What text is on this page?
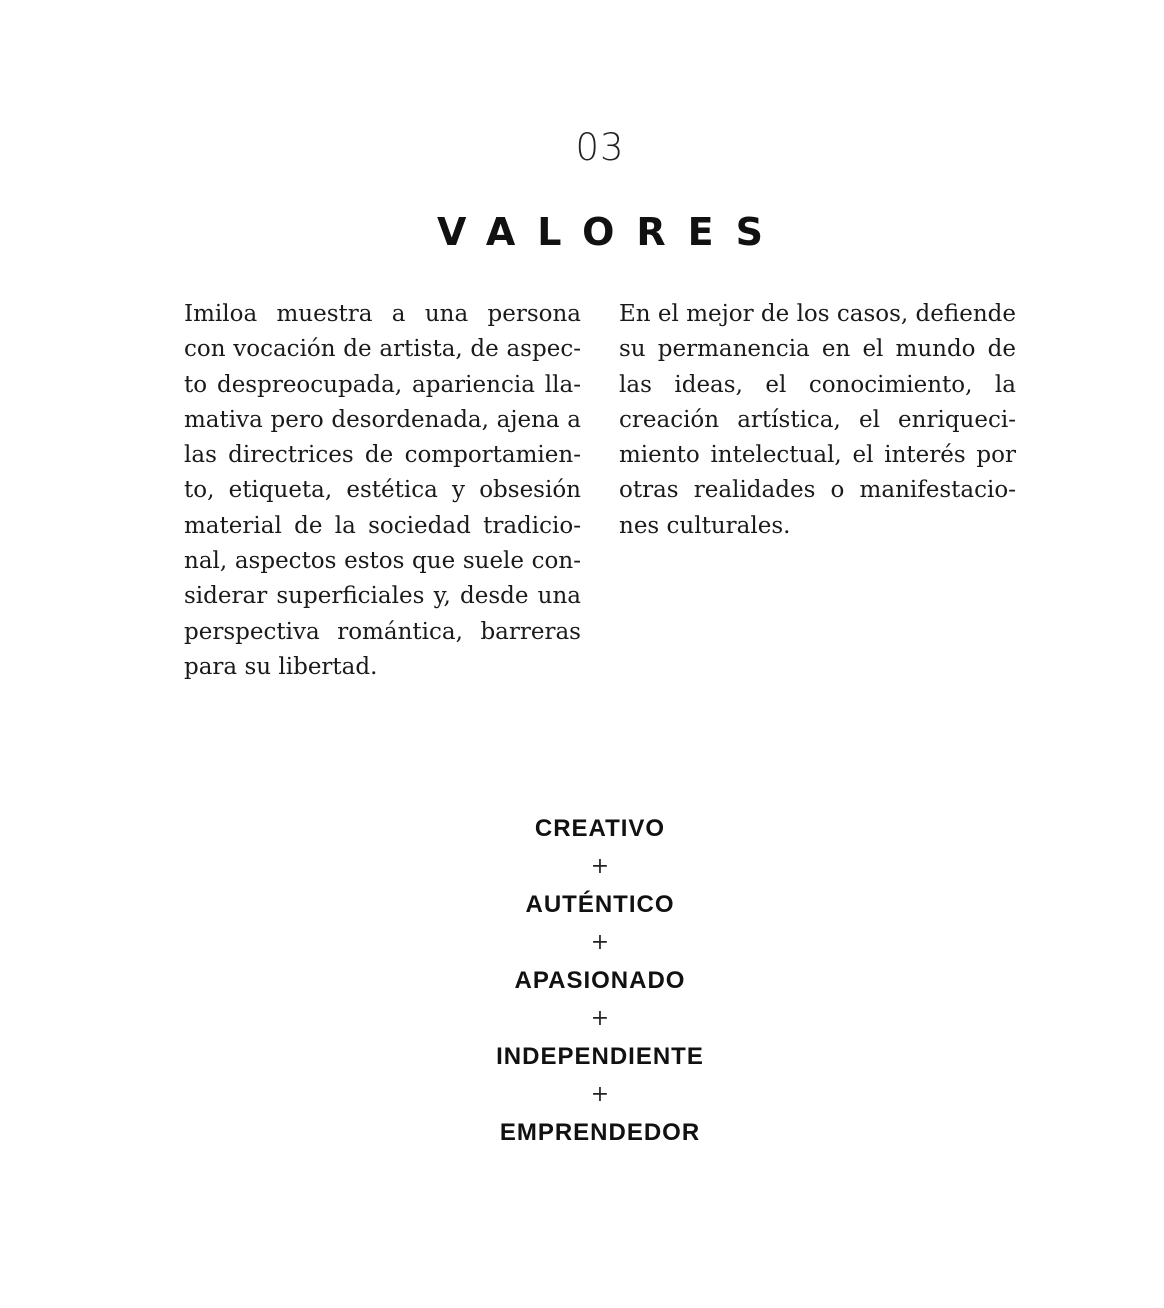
03
VALORES

Imiloa muestra a una persona con vocación de artista, de aspecto despreocupada, apariencia llamativa pero desordenada, ajena a las directrices de comportamiento, etiqueta, estética y obsesión material de la sociedad tradicional, aspectos estos que suele considerar superficiales y, desde una perspectiva romántica, barreras para su libertad.

En el mejor de los casos, defiende su permanencia en el mundo de las ideas, el conocimiento, la creación artística, el enriquecimiento intelectual, el interés por otras realidades o manifestaciones culturales.

CREATIVO
+
AUTÉNTICO
+
APASIONADO
+
INDEPENDIENTE
+
EMPRENDEDOR
